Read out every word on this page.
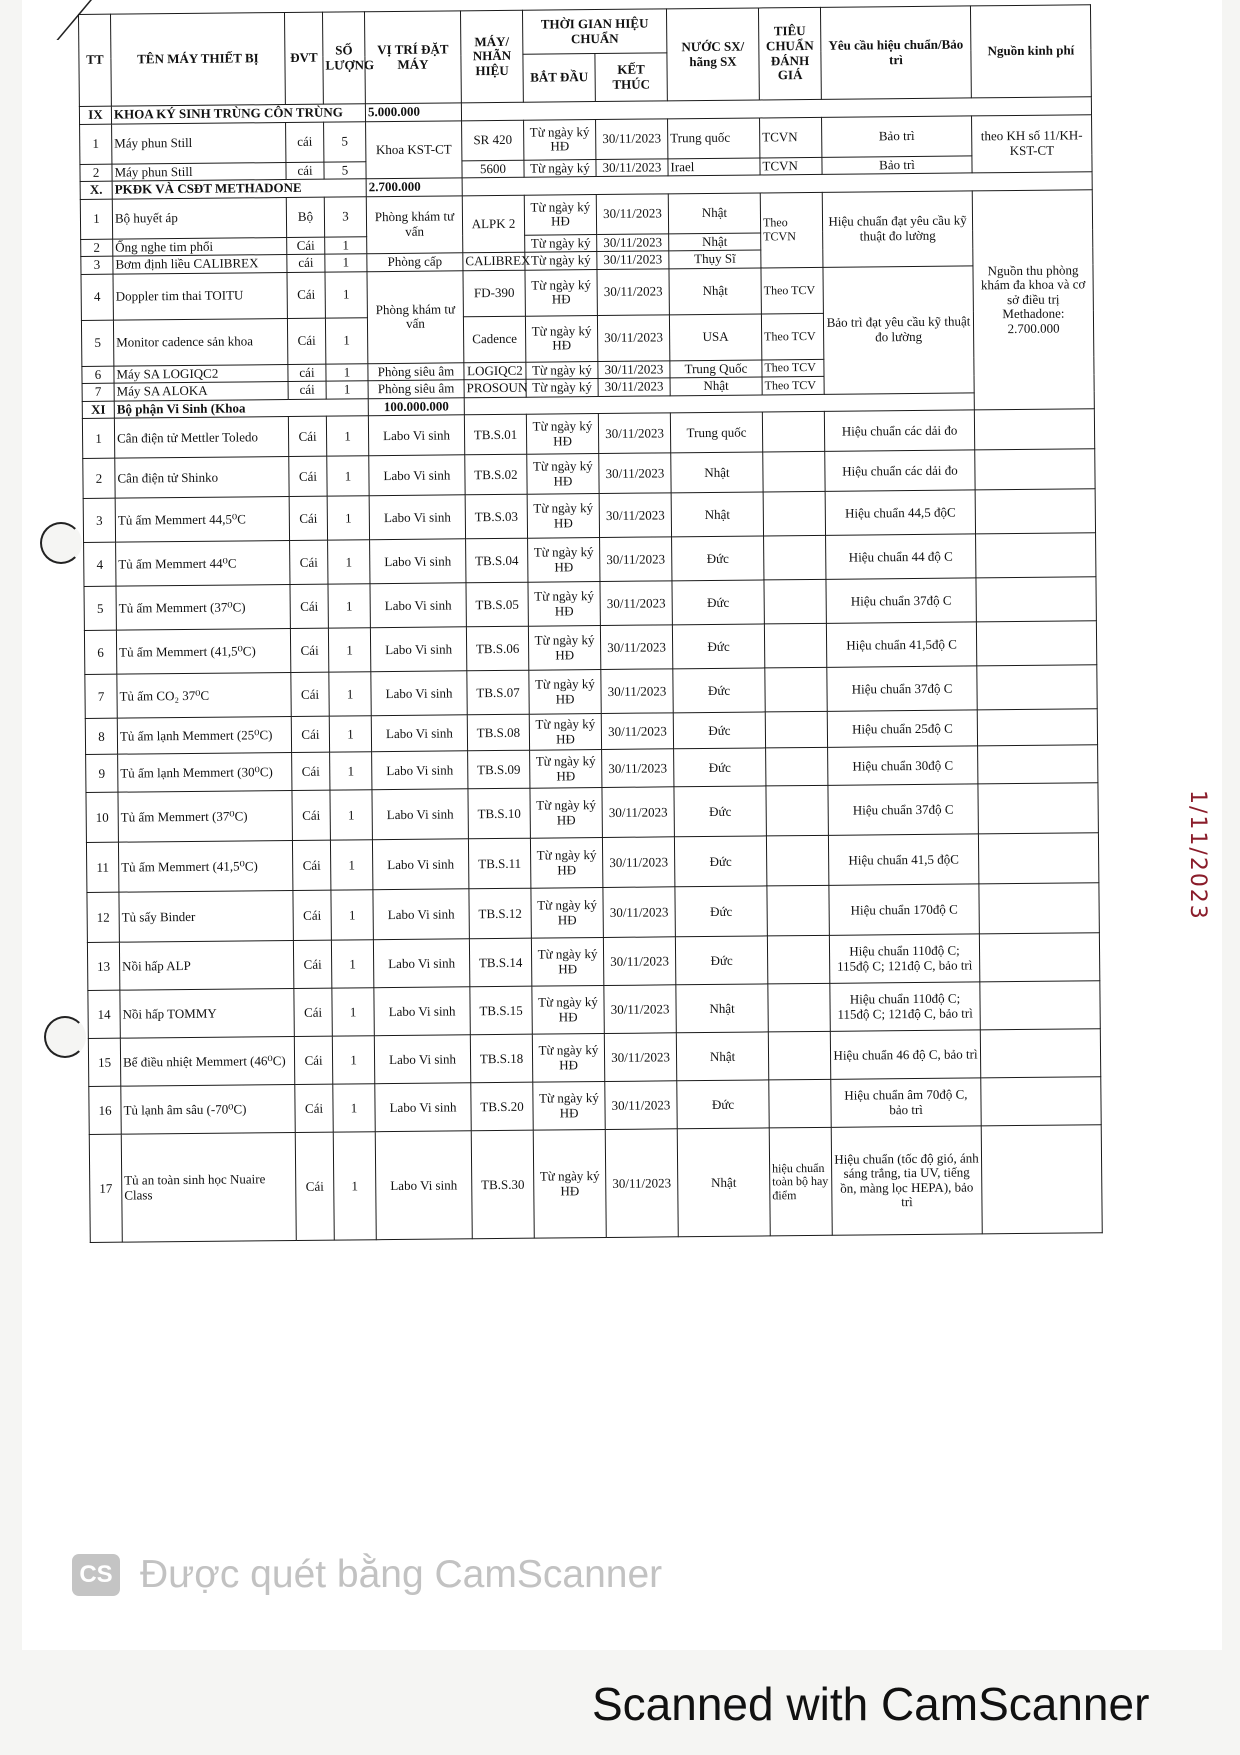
1/11/2023
TT	TÊN MÁY THIẾT BỊ	ĐVT	SỐ LƯỢNG	VỊ TRÍ ĐẶT MÁY	MÁY/ NHÃN HIỆU	THỜI GIAN HIỆU CHUẨN		NƯỚC SX/ hãng SX	TIÊU CHUẨN ĐÁNH GIÁ	Yêu cầu hiệu chuẩn/Bảo trì	Nguồn kinh phí
						BẮT ĐẦU	KẾT THÚC				
IX	KHOA KÝ SINH TRÙNG CÔN TRÙNG			5.000.000							
1	Máy phun Still	cái	5	Khoa KST-CT	SR 420	Từ ngày ký HĐ	30/11/2023	Trung quốc	TCVN	Bảo trì	theo KH số 11/KH-KST-CT
2	Máy phun Still	cái	5		5600	Từ ngày ký	30/11/2023	Irael	TCVN	Bảo trì	
X.	PKĐK VÀ CSĐT METHADONE			2.700.000							
1	Bộ huyết áp	Bộ	3	Phòng khám tư vấn	ALPK 2	Từ ngày ký HĐ	30/11/2023	Nhật	Theo TCVN	Hiệu chuẩn đạt yêu cầu kỹ thuật đo lường	Nguồn thu phòng khám đa khoa và cơ sở điều trị Methadone: 2.700.000
2	Ống nghe tim phổi	Cái	1			Từ ngày ký	30/11/2023	Nhật			
3	Bơm định liều CALIBREX	cái	1	Phòng cấp	CALIBREX	Từ ngày ký	30/11/2023	Thụy Sĩ			
4	Doppler tim thai TOITU	Cái	1	Phòng khám tư vấn	FD-390	Từ ngày ký HĐ	30/11/2023	Nhật	Theo TCV	Bảo trì đạt yêu cầu kỹ thuật đo lường	
5	Monitor cadence sản khoa	Cái	1		Cadence	Từ ngày ký HĐ	30/11/2023	USA	Theo TCV		
6	Máy SA LOGIQC2	cái	1	Phòng siêu âm	LOGIQC2	Từ ngày ký	30/11/2023	Trung Quốc	Theo TCV		
7	Máy SA ALOKA	cái	1	Phòng siêu âm	PROSOUN	Từ ngày ký	30/11/2023	Nhật	Theo TCV		
XI	Bộ phận Vi Sinh (Khoa			100.000.000							
1	Cân điện tử Mettler Toledo	Cái	1	Labo Vi sinh	TB.S.01	Từ ngày ký HĐ	30/11/2023	Trung quốc		Hiệu chuẩn các dải đo	
2	Cân điện tử Shinko	Cái	1	Labo Vi sinh	TB.S.02	Từ ngày ký HĐ	30/11/2023	Nhật		Hiệu chuẩn các dải đo	
3	Tủ ấm Memmert 44,5⁰C	Cái	1	Labo Vi sinh	TB.S.03	Từ ngày ký HĐ	30/11/2023	Nhật		Hiệu chuẩn 44,5 độC	
4	Tủ ấm Memmert 44⁰C	Cái	1	Labo Vi sinh	TB.S.04	Từ ngày ký HĐ	30/11/2023	Đức		Hiệu chuẩn 44 độ C	
5	Tủ ấm Memmert (37⁰C)	Cái	1	Labo Vi sinh	TB.S.05	Từ ngày ký HĐ	30/11/2023	Đức		Hiệu chuẩn 37độ C	
6	Tủ ấm Memmert (41,5⁰C)	Cái	1	Labo Vi sinh	TB.S.06	Từ ngày ký HĐ	30/11/2023	Đức		Hiệu chuẩn 41,5độ C	
7	Tủ ấm CO₂ 37⁰C	Cái	1	Labo Vi sinh	TB.S.07	Từ ngày ký HĐ	30/11/2023	Đức		Hiệu chuẩn 37độ C	
8	Tủ ấm lạnh Memmert (25⁰C)	Cái	1	Labo Vi sinh	TB.S.08	Từ ngày ký HĐ	30/11/2023	Đức		Hiệu chuẩn 25độ C	
9	Tủ ấm lạnh Memmert (30⁰C)	Cái	1	Labo Vi sinh	TB.S.09	Từ ngày ký HĐ	30/11/2023	Đức		Hiệu chuẩn 30độ C	
10	Tủ ấm Memmert (37⁰C)	Cái	1	Labo Vi sinh	TB.S.10	Từ ngày ký HĐ	30/11/2023	Đức		Hiệu chuẩn 37độ C	
11	Tủ ấm Memmert (41,5⁰C)	Cái	1	Labo Vi sinh	TB.S.11	Từ ngày ký HĐ	30/11/2023	Đức		Hiệu chuẩn 41,5 độC	
12	Tủ sấy Binder	Cái	1	Labo Vi sinh	TB.S.12	Từ ngày ký HĐ	30/11/2023	Đức		Hiệu chuẩn 170độ C	
13	Nồi hấp ALP	Cái	1	Labo Vi sinh	TB.S.14	Từ ngày ký HĐ	30/11/2023	Đức		Hiệu chuẩn 110độ C; 115độ C; 121độ C, bảo trì	
14	Nồi hấp TOMMY	Cái	1	Labo Vi sinh	TB.S.15	Từ ngày ký HĐ	30/11/2023	Nhật		Hiệu chuẩn 110độ C; 115độ C; 121độ C, bảo trì	
15	Bể điều nhiệt Memmert (46⁰C)	Cái	1	Labo Vi sinh	TB.S.18	Từ ngày ký HĐ	30/11/2023	Nhật		Hiệu chuẩn 46 độ C, bảo trì	
16	Tủ lạnh âm sâu (-70⁰C)	Cái	1	Labo Vi sinh	TB.S.20	Từ ngày ký HĐ	30/11/2023	Đức		Hiệu chuẩn âm 70độ C, bảo trì	
17	Tủ an toàn sinh học Nuaire Class	Cái	1	Labo Vi sinh	TB.S.30	Từ ngày ký HĐ	30/11/2023	Nhật	hiệu chuẩn toàn bộ hay điểm	Hiệu chuẩn (tốc độ gió, ánh sáng trắng, tia UV, tiếng ồn, màng lọc HEPA), bảo trì	
CS Được quét bằng CamScanner
Scanned with CamScanner
